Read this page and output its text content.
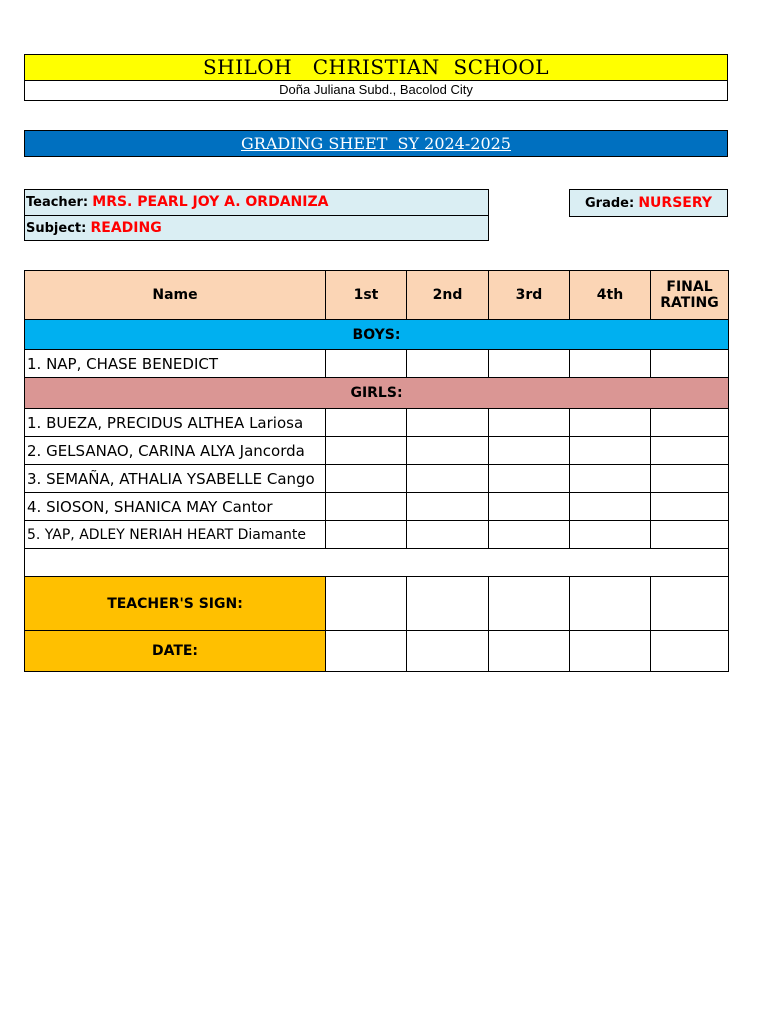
SHILOH   CHRISTIAN  SCHOOL
Doña Juliana Subd., Bacolod City
GRADING SHEET  SY 2024-2025
Teacher: MRS. PEARL JOY A. ORDANIZA
Subject: READING
Grade: NURSERY
Name	1st	2nd	3rd	4th	FINAL RATING
BOYS:					
1. NAP, CHASE BENEDICT					
GIRLS:					
1. BUEZA, PRECIDUS ALTHEA Lariosa					
2. GELSANAO, CARINA ALYA Jancorda					
3. SEMAÑA, ATHALIA YSABELLE Cango					
4. SIOSON, SHANICA MAY Cantor					
5. YAP, ADLEY NERIAH HEART Diamante					

TEACHER'S SIGN:					
DATE:					
